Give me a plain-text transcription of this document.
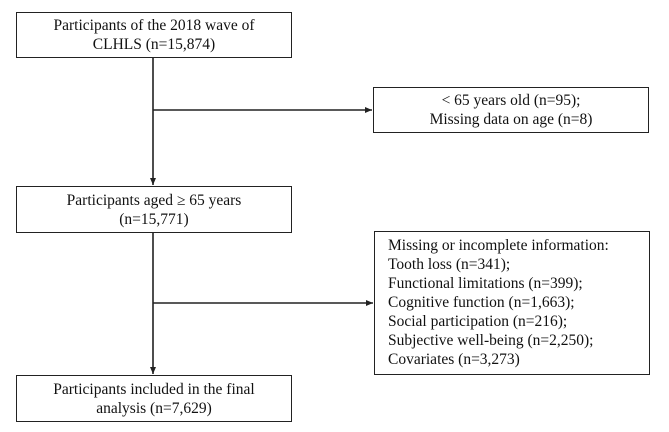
Participants of the 2018 wave of
CLHLS (n=15,874)
< 65 years old (n=95);
Missing data on age (n=8)
Participants aged ≥ 65 years
(n=15,771)
Missing or incomplete information:
Tooth loss (n=341);
Functional limitations (n=399);
Cognitive function (n=1,663);
Social participation (n=216);
Subjective well-being (n=2,250);
Covariates (n=3,273)
Participants included in the final
analysis (n=7,629)
